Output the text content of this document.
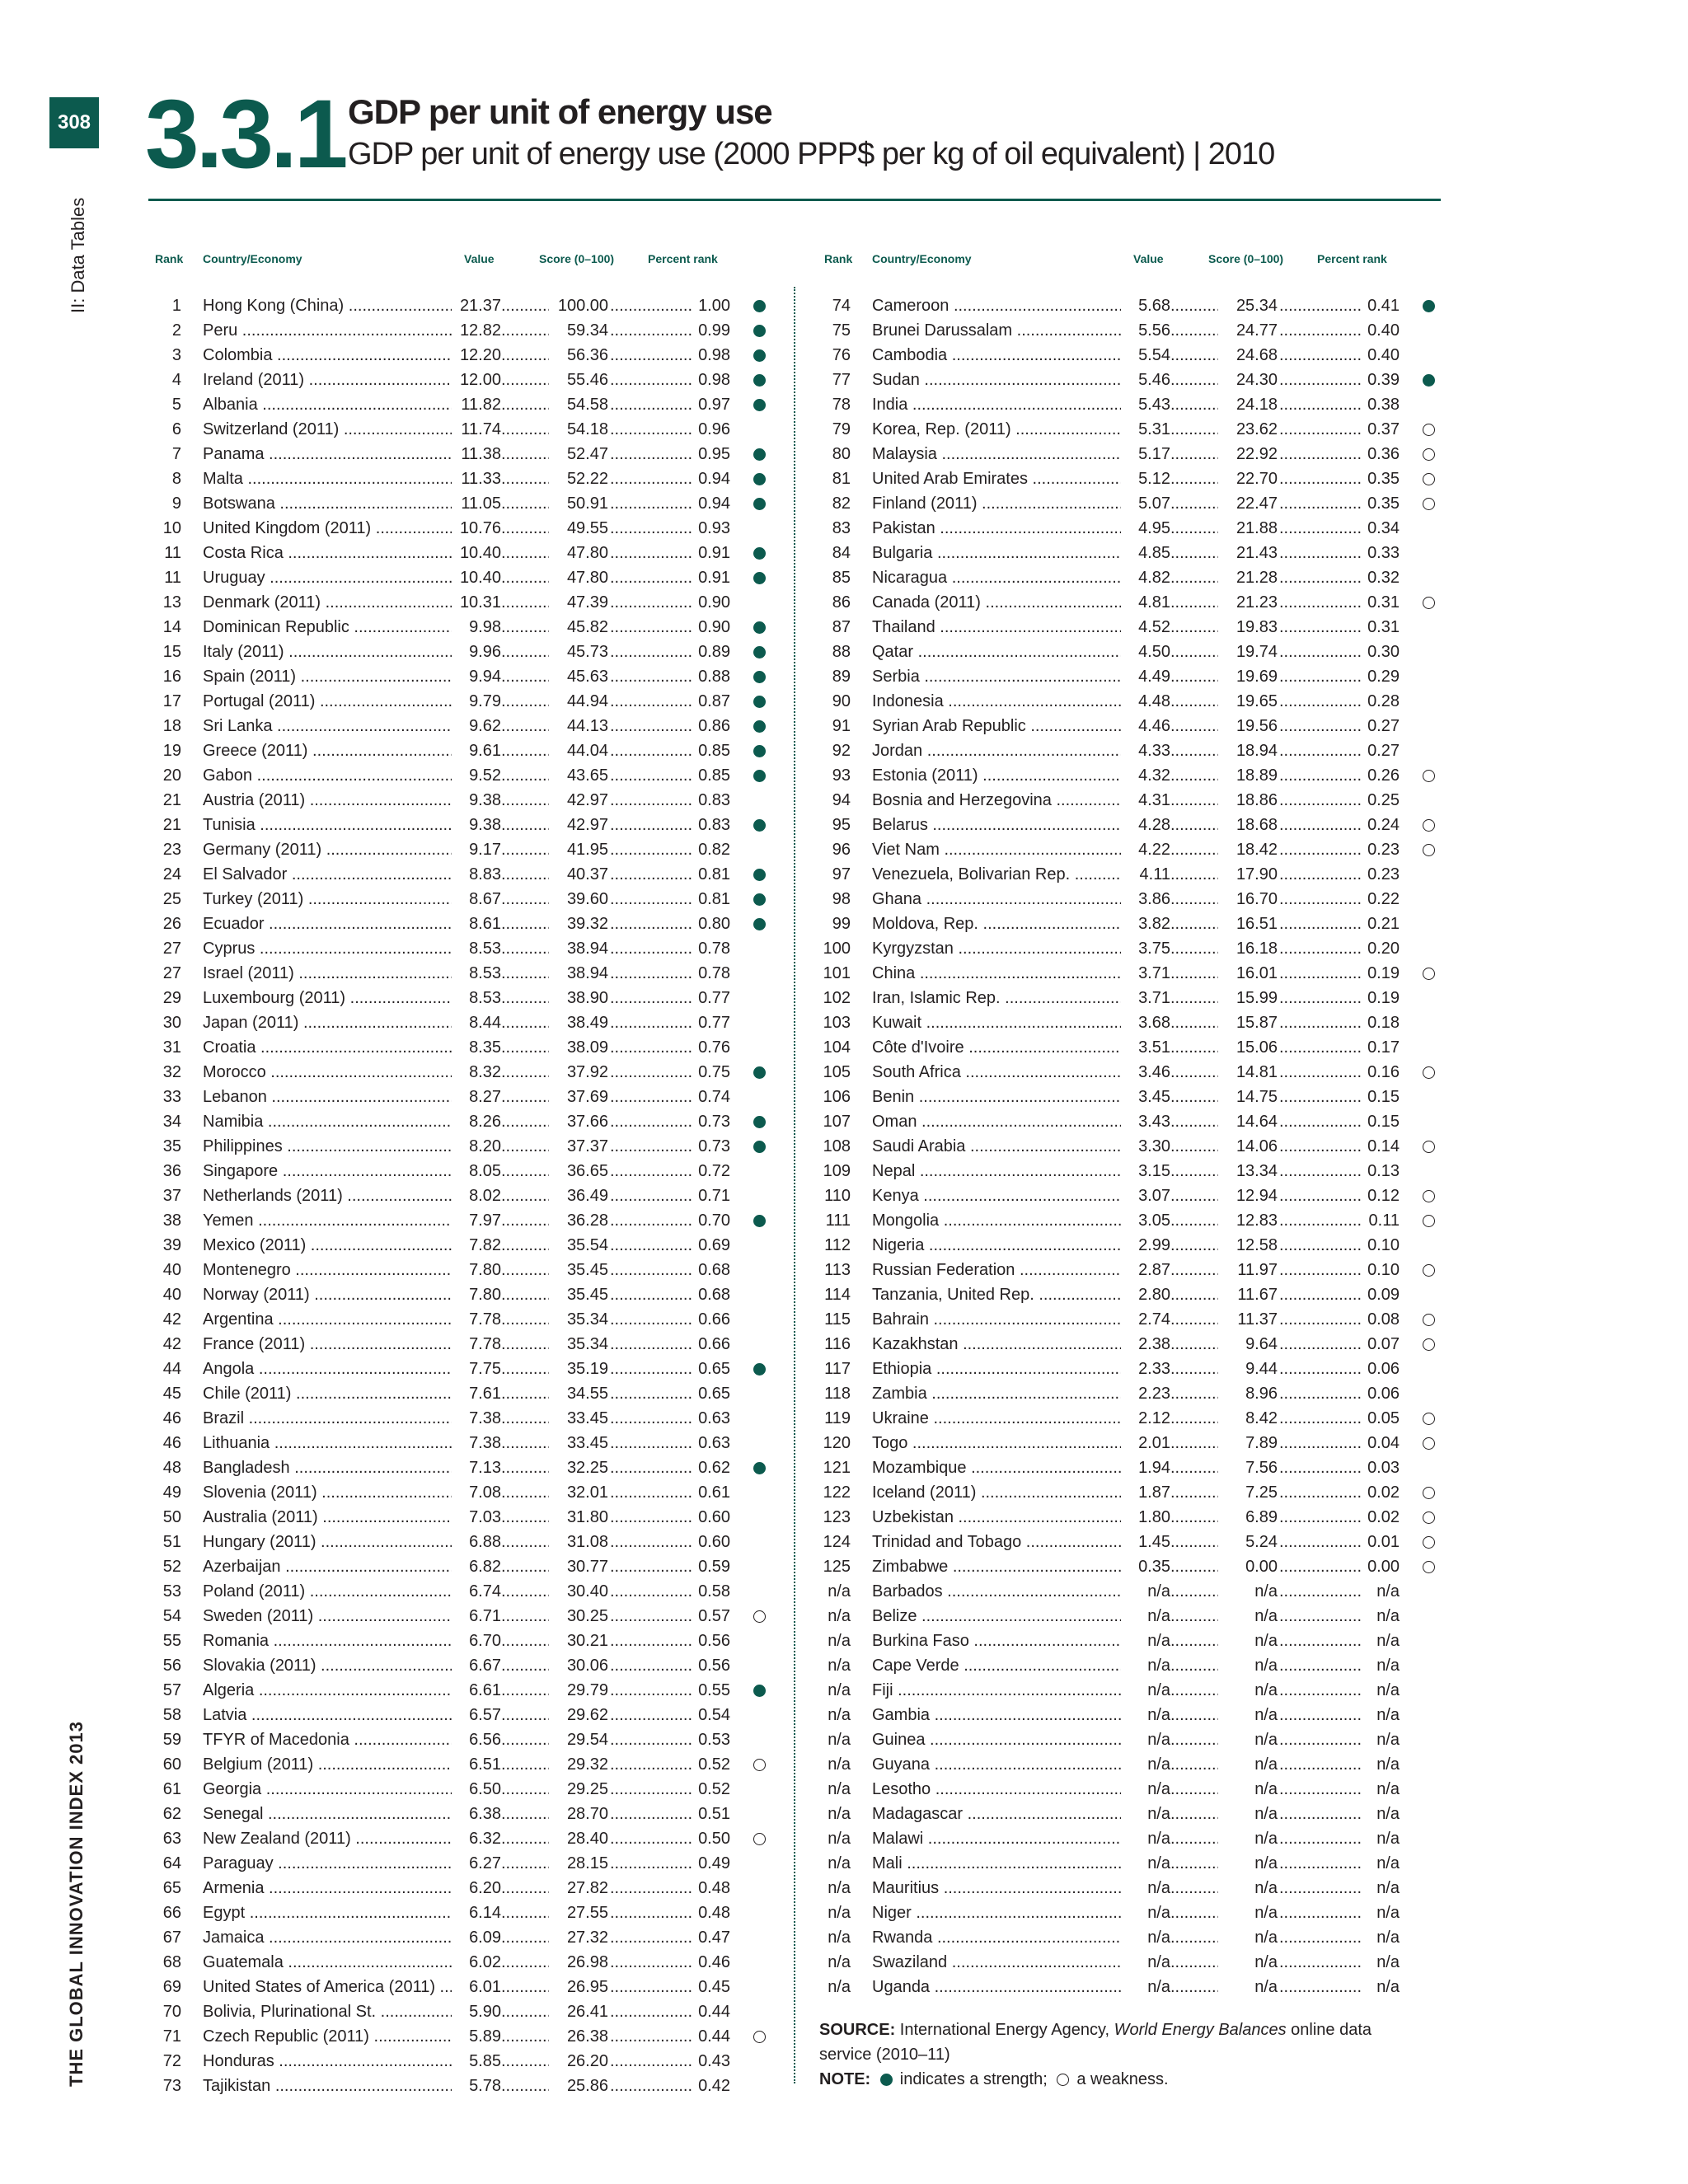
308 3.3.1 GDP per unit of energy use
GDP per unit of energy use (2000 PPP$ per kg of oil equivalent) | 2010
II: Data Tables
THE GLOBAL INNOVATION INDEX 2013
Rank Country/Economy	Value	Score (0–100)	Percent rank
1 Hong Kong (China) .....	21.37	100.00	1.00
.....
.....
2 Peru .....	12.82	59.34	0.99
.....
.....
3 Colombia .....	12.20	56.36	0.98
.....
.....
4 Ireland (2011) .....	12.00	55.46	0.98
.....
.....
5 Albania .....	11.82	54.58	0.97
.....
.....
6 Switzerland (2011) .....	11.74	54.18	0.96
.....
.....
7 Panama .....	11.38	52.47	0.95
.....
.....
8 Malta .....	11.33	52.22	0.94
.....
.....
9 Botswana .....	11.05	50.91	0.94
.....
.....
10 United Kingdom (2011) .....	10.76	49.55	0.93
.....
.....
11 Costa Rica .....	10.40	47.80	0.91
.....
.....
11 Uruguay .....	10.40	47.80	0.91
.....
.....
13 Denmark (2011) .....	10.31	47.39	0.90
.....
.....
14 Dominican Republic .....	9.98	45.82	0.90
.....
.....
15 Italy (2011) .....	9.96	45.73	0.89
.....
.....
16 Spain (2011) .....	9.94	45.63	0.88
.....
.....
17 Portugal (2011) .....	9.79	44.94	0.87
.....
.....
18 Sri Lanka .....	9.62	44.13	0.86
.....
.....
19 Greece (2011) .....	9.61	44.04	0.85
.....
.....
20 Gabon .....	9.52	43.65	0.85
.....
.....
21 Austria (2011) .....	9.38	42.97	0.83
.....
.....
21 Tunisia .....	9.38	42.97	0.83
.....
.....
23 Germany (2011) .....	9.17	41.95	0.82
.....
.....
24 El Salvador .....	8.83	40.37	0.81
.....
.....
25 Turkey (2011) .....	8.67	39.60	0.81
.....
.....
26 Ecuador .....	8.61	39.32	0.80
.....
.....
27 Cyprus .....	8.53	38.94	0.78
.....
.....
27 Israel (2011) .....	8.53	38.94	0.78
.....
.....
29 Luxembourg (2011) .....	8.53	38.90	0.77
.....
.....
30 Japan (2011) .....	8.44	38.49	0.77
.....
.....
31 Croatia .....	8.35	38.09	0.76
.....
.....
32 Morocco .....	8.32	37.92	0.75
.....
.....
33 Lebanon .....	8.27	37.69	0.74
.....
.....
34 Namibia .....	8.26	37.66	0.73
.....
.....
35 Philippines .....	8.20	37.37	0.73
.....
.....
36 Singapore .....	8.05	36.65	0.72
.....
.....
37 Netherlands (2011) .....	8.02	36.49	0.71
.....
.....
38 Yemen .....	7.97	36.28	0.70
.....
.....
39 Mexico (2011) .....	7.82	35.54	0.69
.....
.....
40 Montenegro .....	7.80	35.45	0.68
.....
.....
40 Norway (2011) .....	7.80	35.45	0.68
.....
.....
42 Argentina .....	7.78	35.34	0.66
.....
.....
42 France (2011) .....	7.78	35.34	0.66
.....
.....
44 Angola .....	7.75	35.19	0.65
.....
.....
45 Chile (2011) .....	7.61	34.55	0.65
.....
.....
46 Brazil .....	7.38	33.45	0.63
.....
.....
46 Lithuania .....	7.38	33.45	0.63
.....
.....
48 Bangladesh .....	7.13	32.25	0.62
.....
.....
49 Slovenia (2011) .....	7.08	32.01	0.61
.....
.....
50 Australia (2011) .....	7.03	31.80	0.60
.....
.....
51 Hungary (2011) .....	6.88	31.08	0.60
.....
.....
52 Azerbaijan .....	6.82	30.77	0.59
.....
.....
53 Poland (2011) .....	6.74	30.40	0.58
.....
.....
54 Sweden (2011) .....	6.71	30.25	0.57
.....
.....
55 Romania .....	6.70	30.21	0.56
.....
.....
56 Slovakia (2011) .....	6.67	30.06	0.56
.....
.....
57 Algeria .....	6.61	29.79	0.55
.....
.....
58 Latvia .....	6.57	29.62	0.54
.....
.....
59 TFYR of Macedonia .....	6.56	29.54	0.53
.....
.....
60 Belgium (2011) .....	6.51	29.32	0.52
.....
.....
61 Georgia .....	6.50	29.25	0.52
.....
.....
62 Senegal .....	6.38	28.70	0.51
.....
.....
63 New Zealand (2011) .....	6.32	28.40	0.50
.....
.....
64 Paraguay .....	6.27	28.15	0.49
.....
.....
65 Armenia .....	6.20	27.82	0.48
.....
.....
66 Egypt .....	6.14	27.55	0.48
.....
.....
67 Jamaica .....	6.09	27.32	0.47
.....
.....
68 Guatemala .....	6.02	26.98	0.46
.....
.....
69 United States of America (2011) .....	6.01	26.95	0.45
.....
.....
70 Bolivia, Plurinational St. .....	5.90	26.41	0.44
.....
.....
71 Czech Republic (2011) .....	5.89	26.38	0.44
.....
.....
72 Honduras .....	5.85	26.20	0.43
.....
.....
73 Tajikistan .....	5.78	25.86	0.42
.....
.....
Rank Country/Economy	Value	Score (0–100)	Percent rank
74 Cameroon .....	5.68	25.34	0.41
.....
.....
75 Brunei Darussalam .....	5.56	24.77	0.40
.....
.....
76 Cambodia .....	5.54	24.68	0.40
.....
.....
77 Sudan .....	5.46	24.30	0.39
.....
.....
78 India .....	5.43	24.18	0.38
.....
.....
79 Korea, Rep. (2011) .....	5.31	23.62	0.37
.....
.....
80 Malaysia .....	5.17	22.92	0.36
.....
.....
81 United Arab Emirates .....	5.12	22.70	0.35
.....
.....
82 Finland (2011) .....	5.07	22.47	0.35
.....
.....
83 Pakistan .....	4.95	21.88	0.34
.....
.....
84 Bulgaria .....	4.85	21.43	0.33
.....
.....
85 Nicaragua .....	4.82	21.28	0.32
.....
.....
86 Canada (2011) .....	4.81	21.23	0.31
.....
.....
87 Thailand .....	4.52	19.83	0.31
.....
.....
88 Qatar .....	4.50	19.74	0.30
.....
.....
89 Serbia .....	4.49	19.69	0.29
.....
.....
90 Indonesia .....	4.48	19.65	0.28
.....
.....
91 Syrian Arab Republic .....	4.46	19.56	0.27
.....
.....
92 Jordan .....	4.33	18.94	0.27
.....
.....
93 Estonia (2011) .....	4.32	18.89	0.26
.....
.....
94 Bosnia and Herzegovina .....	4.31	18.86	0.25
.....
.....
95 Belarus .....	4.28	18.68	0.24
.....
.....
96 Viet Nam .....	4.22	18.42	0.23
.....
.....
97 Venezuela, Bolivarian Rep. .....	4.11	17.90	0.23
.....
.....
98 Ghana .....	3.86	16.70	0.22
.....
.....
99 Moldova, Rep. .....	3.82	16.51	0.21
.....
.....
100 Kyrgyzstan .....	3.75	16.18	0.20
.....
.....
101 China .....	3.71	16.01	0.19
.....
.....
102 Iran, Islamic Rep. .....	3.71	15.99	0.19
.....
.....
103 Kuwait .....	3.68	15.87	0.18
.....
.....
104 Côte d'Ivoire .....	3.51	15.06	0.17
.....
.....
105 South Africa .....	3.46	14.81	0.16
.....
.....
106 Benin .....	3.45	14.75	0.15
.....
.....
107 Oman .....	3.43	14.64	0.15
.....
.....
108 Saudi Arabia .....	3.30	14.06	0.14
.....
.....
109 Nepal .....	3.15	13.34	0.13
.....
.....
110 Kenya .....	3.07	12.94	0.12
.....
.....
111 Mongolia .....	3.05	12.83	0.11
.....
.....
112 Nigeria .....	2.99	12.58	0.10
.....
.....
113 Russian Federation .....	2.87	11.97	0.10
.....
.....
114 Tanzania, United Rep. .....	2.80	11.67	0.09
.....
.....
115 Bahrain .....	2.74	11.37	0.08
.....
.....
116 Kazakhstan .....	2.38	9.64	0.07
.....
.....
117 Ethiopia .....	2.33	9.44	0.06
.....
.....
118 Zambia .....	2.23	8.96	0.06
.....
.....
119 Ukraine .....	2.12	8.42	0.05
.....
.....
120 Togo .....	2.01	7.89	0.04
.....
.....
121 Mozambique .....	1.94	7.56	0.03
.....
.....
122 Iceland (2011) .....	1.87	7.25	0.02
.....
.....
123 Uzbekistan .....	1.80	6.89	0.02
.....
.....
124 Trinidad and Tobago .....	1.45	5.24	0.01
.....
.....
125 Zimbabwe .....	0.35	0.00	0.00
.....
.....
n/a Barbados .....	n/a	n/a	n/a
.....
.....
n/a Belize .....	n/a	n/a	n/a
.....
.....
n/a Burkina Faso .....	n/a	n/a	n/a
.....
.....
n/a Cape Verde .....	n/a	n/a	n/a
.....
.....
n/a Fiji .....	n/a	n/a	n/a
.....
.....
n/a Gambia .....	n/a	n/a	n/a
.....
.....
n/a Guinea .....	n/a	n/a	n/a
.....
.....
n/a Guyana .....	n/a	n/a	n/a
.....
.....
n/a Lesotho .....	n/a	n/a	n/a
.....
.....
n/a Madagascar .....	n/a	n/a	n/a
.....
.....
n/a Malawi .....	n/a	n/a	n/a
.....
.....
n/a Mali .....	n/a	n/a	n/a
.....
.....
n/a Mauritius .....	n/a	n/a	n/a
.....
.....
n/a Niger .....	n/a	n/a	n/a
.....
.....
n/a Rwanda .....	n/a	n/a	n/a
.....
.....
n/a Swaziland .....	n/a	n/a	n/a
.....
.....
n/a Uganda .....	n/a	n/a	n/a
.....
.....
SOURCE: International Energy Agency, World Energy Balances online data service (2010–11)
NOTE: indicates a strength; a weakness.
